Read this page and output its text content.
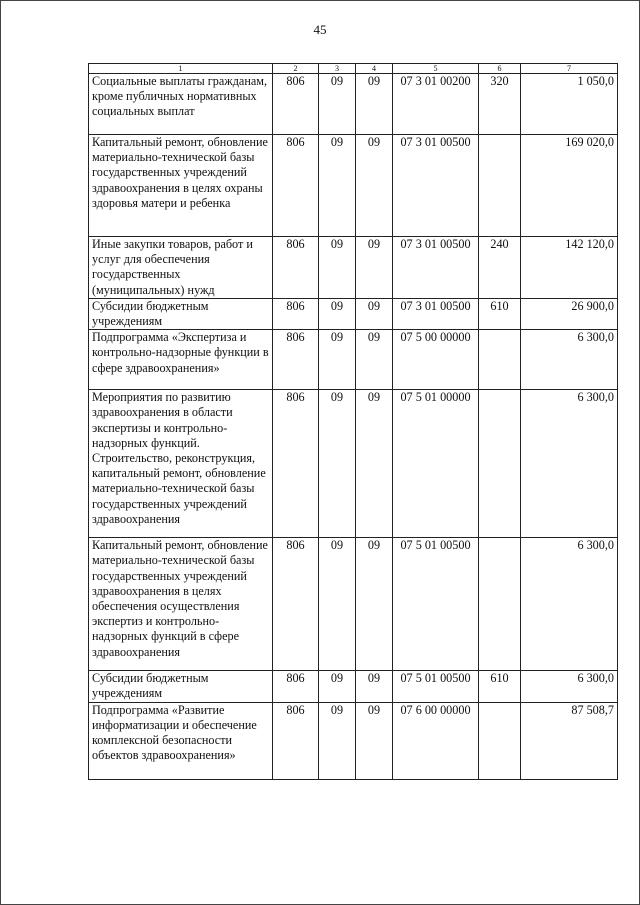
45
1	2	3	4	5	6	7
Социальные выплаты гражданам, кроме публичных нормативных социальных выплат	806	09	09	07 3 01 00200	320	1 050,0
Капитальный ремонт, обновление материально-технической базы государственных учреждений здравоохранения в целях охраны здоровья матери и ребенка	806	09	09	07 3 01 00500		169 020,0
Иные закупки товаров, работ и услуг для обеспечения государственных (муниципальных) нужд	806	09	09	07 3 01 00500	240	142 120,0
Субсидии бюджетным учреждениям	806	09	09	07 3 01 00500	610	26 900,0
Подпрограмма «Экспертиза и контрольно-надзорные функции в сфере здравоохранения»	806	09	09	07 5 00 00000		6 300,0
Мероприятия по развитию здравоохранения в области экспертизы и контрольно-надзорных функций. Строительство, реконструкция, капитальный ремонт, обновление материально-технической базы государственных учреждений здравоохранения	806	09	09	07 5 01 00000		6 300,0
Капитальный ремонт, обновление материально-технической базы государственных учреждений здравоохранения в целях обеспечения осуществления экспертиз и контрольно-надзорных функций в сфере здравоохранения	806	09	09	07 5 01 00500		6 300,0
Субсидии бюджетным учреждениям	806	09	09	07 5 01 00500	610	6 300,0
Подпрограмма «Развитие информатизации и обеспечение комплексной безопасности объектов здравоохранения»	806	09	09	07 6 00 00000		87 508,7
